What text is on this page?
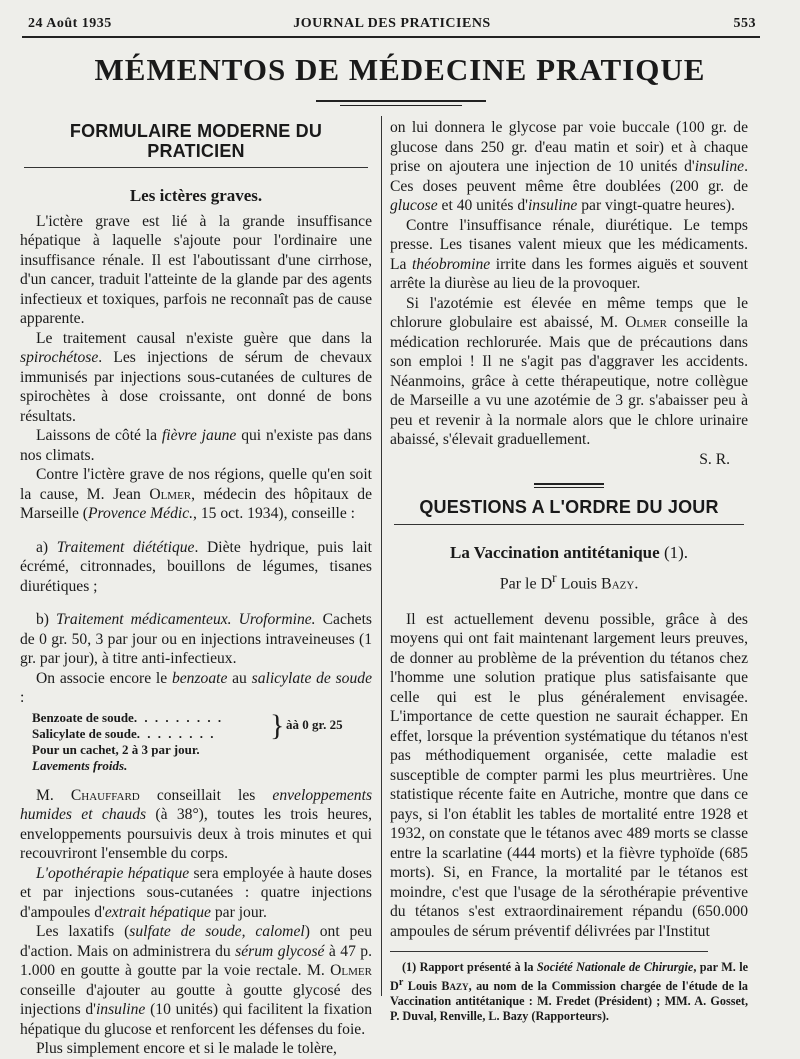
24 Août 1935	JOURNAL DES PRATICIENS	553
MÉMENTOS DE MÉDECINE PRATIQUE
FORMULAIRE MODERNE DU PRATICIEN
Les ictères graves.

L'ictère grave est lié à la grande insuffisance hépatique à laquelle s'ajoute pour l'ordinaire une insuffisance rénale. Il est l'aboutissant d'une cirrhose, d'un cancer, traduit l'atteinte de la glande par des agents infectieux et toxiques, parfois ne reconnaît pas de cause apparente.

Le traitement causal n'existe guère que dans la spirochétose. Les injections de sérum de chevaux immunisés par injections sous-cutanées de cultures de spirochètes à dose croissante, ont donné de bons résultats.

Laissons de côté la fièvre jaune qui n'existe pas dans nos climats.

Contre l'ictère grave de nos régions, quelle qu'en soit la cause, M. Jean Olmer, médecin des hôpitaux de Marseille (Provence Médic., 15 oct. 1934), conseille :

a) Traitement diététique. Diète hydrique, puis lait écrémé, citronnades, bouillons de légumes, tisanes diurétiques ;

b) Traitement médicamenteux. Uroformine. Cachets de 0 gr. 50, 3 par jour ou en injections intraveineuses (1 gr. par jour), à titre anti-infectieux.

On associe encore le benzoate au salicylate de soude :

Benzoate de soude. . . . . . . . .
Salicylate de soude. . . . . . . .	} àà 0 gr. 25
Pour un cachet, 2 à 3 par jour.
Lavements froids.

M. Chauffard conseillait les enveloppements humides et chauds (à 38°), toutes les trois heures, enveloppements poursuivis deux à trois minutes et qui recouvriront l'ensemble du corps.

L'opothérapie hépatique sera employée à haute doses et par injections sous-cutanées : quatre injections d'ampoules d'extrait hépatique par jour.

Les laxatifs (sulfate de soude, calomel) ont peu d'action. Mais on administrera du sérum glycosé à 47 p. 1.000 en goutte à goutte par la voie rectale. M. Olmer conseille d'ajouter au goutte à goutte glycosé des injections d'insuline (10 unités) qui facilitent la fixation hépatique du glucose et renforcent les défenses du foie.

Plus simplement encore et si le malade le tolère,

on lui donnera le glycose par voie buccale (100 gr. de glucose dans 250 gr. d'eau matin et soir) et à chaque prise on ajoutera une injection de 10 unités d'insuline. Ces doses peuvent même être doublées (200 gr. de glucose et 40 unités d'insuline par vingt-quatre heures).

Contre l'insuffisance rénale, diurétique. Le temps presse. Les tisanes valent mieux que les médicaments. La théobromine irrite dans les formes aiguës et souvent arrête la diurèse au lieu de la provoquer.

Si l'azotémie est élevée en même temps que le chlorure globulaire est abaissé, M. Olmer conseille la médication rechlorurée. Mais que de précautions dans son emploi ! Il ne s'agit pas d'aggraver les accidents. Néanmoins, grâce à cette thérapeutique, notre collègue de Marseille a vu une azotémie de 3 gr. s'abaisser peu à peu et revenir à la normale alors que le chlore urinaire abaissé, s'élevait graduellement.

S. R.

QUESTIONS A L'ORDRE DU JOUR
La Vaccination antitétanique (1).
Par le $D^r$ Louis Bazy.

Il est actuellement devenu possible, grâce à des moyens qui ont fait maintenant largement leurs preuves, de donner au problème de la prévention du tétanos chez l'homme une solution pratique plus satisfaisante que celle qui est le plus généralement envisagée. L'importance de cette question ne saurait échapper. En effet, lorsque la prévention systématique du tétanos n'est pas méthodiquement organisée, cette maladie est susceptible de compter parmi les plus meurtrières. Une statistique récente faite en Autriche, montre que dans ce pays, si l'on établit les tables de mortalité entre 1928 et 1932, on constate que le tétanos avec 489 morts se classe entre la scarlatine (444 morts) et la fièvre typhoïde (685 morts). Si, en France, la mortalité par le tétanos est moindre, c'est que l'usage de la sérothérapie préventive du tétanos s'est extraordinairement répandu (650.000 ampoules de sérum préventif délivrées par l'Institut

(1) Rapport présenté à la Société Nationale de Chirurgie, par M. le $D^r$ Louis Bazy, au nom de la Commission chargée de l'étude de la Vaccination antitétanique : M. Fredet (Président) ; MM. A. Gosset, P. Duval, Renville, L. Bazy (Rapporteurs).
